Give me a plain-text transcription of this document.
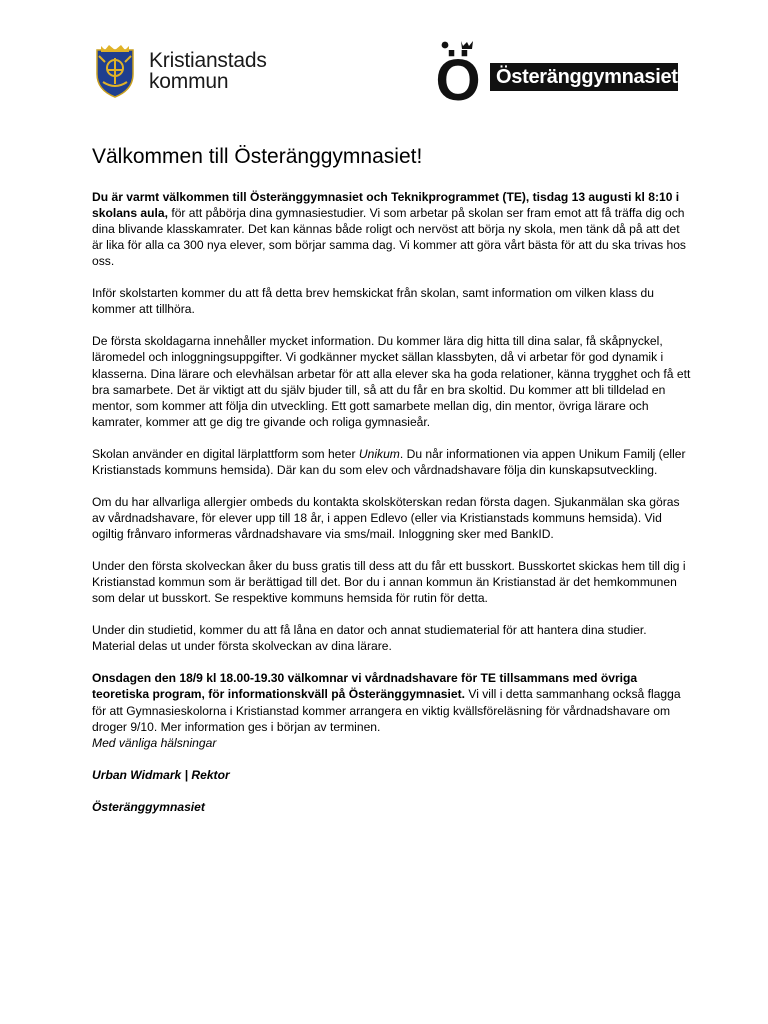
Kristianstads
kommun	Ö Österänggymnasiet
Välkommen till Österänggymnasiet!

Du är varmt välkommen till Österänggymnasiet och Teknikprogrammet (TE), tisdag 13 augusti kl 8:10 i skolans aula, för att påbörja dina gymnasiestudier. Vi som arbetar på skolan ser fram emot att få träffa dig och dina blivande klasskamrater. Det kan kännas både roligt och nervöst att börja ny skola, men tänk då på att det är lika för alla ca 300 nya elever, som börjar samma dag. Vi kommer att göra vårt bästa för att du ska trivas hos oss.

Inför skolstarten kommer du att få detta brev hemskickat från skolan, samt information om vilken klass du kommer att tillhöra.

De första skoldagarna innehåller mycket information. Du kommer lära dig hitta till dina salar, få skåpnyckel, läromedel och inloggningsuppgifter. Vi godkänner mycket sällan klassbyten, då vi arbetar för god dynamik i klasserna. Dina lärare och elevhälsan arbetar för att alla elever ska ha goda relationer, känna trygghet och få ett bra samarbete. Det är viktigt att du själv bjuder till, så att du får en bra skoltid. Du kommer att bli tilldelad en mentor, som kommer att följa din utveckling. Ett gott samarbete mellan dig, din mentor, övriga lärare och kamrater, kommer att ge dig tre givande och roliga gymnasieår.

Skolan använder en digital lärplattform som heter Unikum. Du når informationen via appen Unikum Familj (eller Kristianstads kommuns hemsida). Där kan du som elev och vårdnadshavare följa din kunskapsutveckling.

Om du har allvarliga allergier ombeds du kontakta skolsköterskan redan första dagen. Sjukanmälan ska göras av vårdnadshavare, för elever upp till 18 år, i appen Edlevo (eller via Kristianstads kommuns hemsida). Vid ogiltig frånvaro informeras vårdnadshavare via sms/mail. Inloggning sker med BankID.

Under den första skolveckan åker du buss gratis till dess att du får ett busskort. Busskortet skickas hem till dig i Kristianstad kommun som är berättigad till det. Bor du i annan kommun än Kristianstad är det hemkommunen som delar ut busskort. Se respektive kommuns hemsida för rutin för detta.

Under din studietid, kommer du att få låna en dator och annat studiematerial för att hantera dina studier. Material delas ut under första skolveckan av dina lärare.

Onsdagen den 18/9 kl 18.00-19.30 välkomnar vi vårdnadshavare för TE tillsammans med övriga teoretiska program, för informationskväll på Österänggymnasiet. Vi vill i detta sammanhang också flagga för att Gymnasieskolorna i Kristianstad kommer arrangera en viktig kvällsföreläsning för vårdnadshavare om droger 9/10. Mer information ges i början av terminen.

Med vänliga hälsningar

Urban Widmark | Rektor

Österänggymnasiet
